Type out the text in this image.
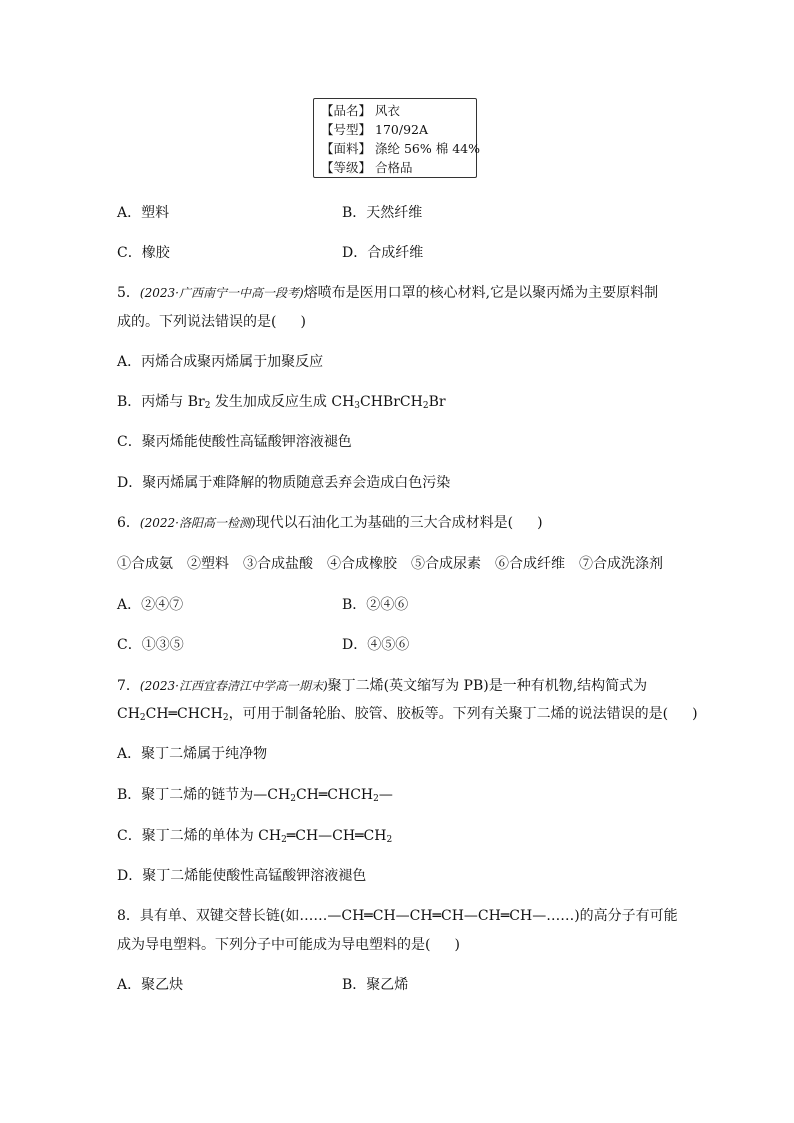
【品名】 风衣
【号型】 170/92A
【面料】 涤纶 56% 棉 44%
【等级】 合格品
A．塑料	B．天然纤维
C．橡胶	D．合成纤维
5．(2023·广西南宁一中高一段考)熔喷布是医用口罩的核心材料,它是以聚丙烯为主要原料制
成的。下列说法错误的是( )
A．丙烯合成聚丙烯属于加聚反应
B．丙烯与 $Br_2$ 发生加成反应生成 $CH_3CHBrCH_2Br$
C．聚丙烯能使酸性高锰酸钾溶液褪色
D．聚丙烯属于难降解的物质随意丢弃会造成白色污染
6．(2022·洛阳高一检测)现代以石油化工为基础的三大合成材料是( )
①合成氨　②塑料　③合成盐酸　④合成橡胶　⑤合成尿素　⑥合成纤维　⑦合成洗涤剂
A．②④⑦	B．②④⑥
C．①③⑤	D．④⑤⑥
7．(2023·江西宜春清江中学高一期末)聚丁二烯(英文缩写为 PB)是一种有机物,结构简式为
$CH_2CH═CHCH_2$，可用于制备轮胎、胶管、胶板等。下列有关聚丁二烯的说法错误的是( )
A．聚丁二烯属于纯净物
B．聚丁二烯的链节为$—CH_2CH═CHCH_2—$
C．聚丁二烯的单体为 $CH_2═CH—CH═CH_2$
D．聚丁二烯能使酸性高锰酸钾溶液褪色
8．具有单、双键交替长链(如……—CH═CH—CH═CH—CH═CH—……)的高分子有可能
成为导电塑料。下列分子中可能成为导电塑料的是( )
A．聚乙炔	B．聚乙烯
